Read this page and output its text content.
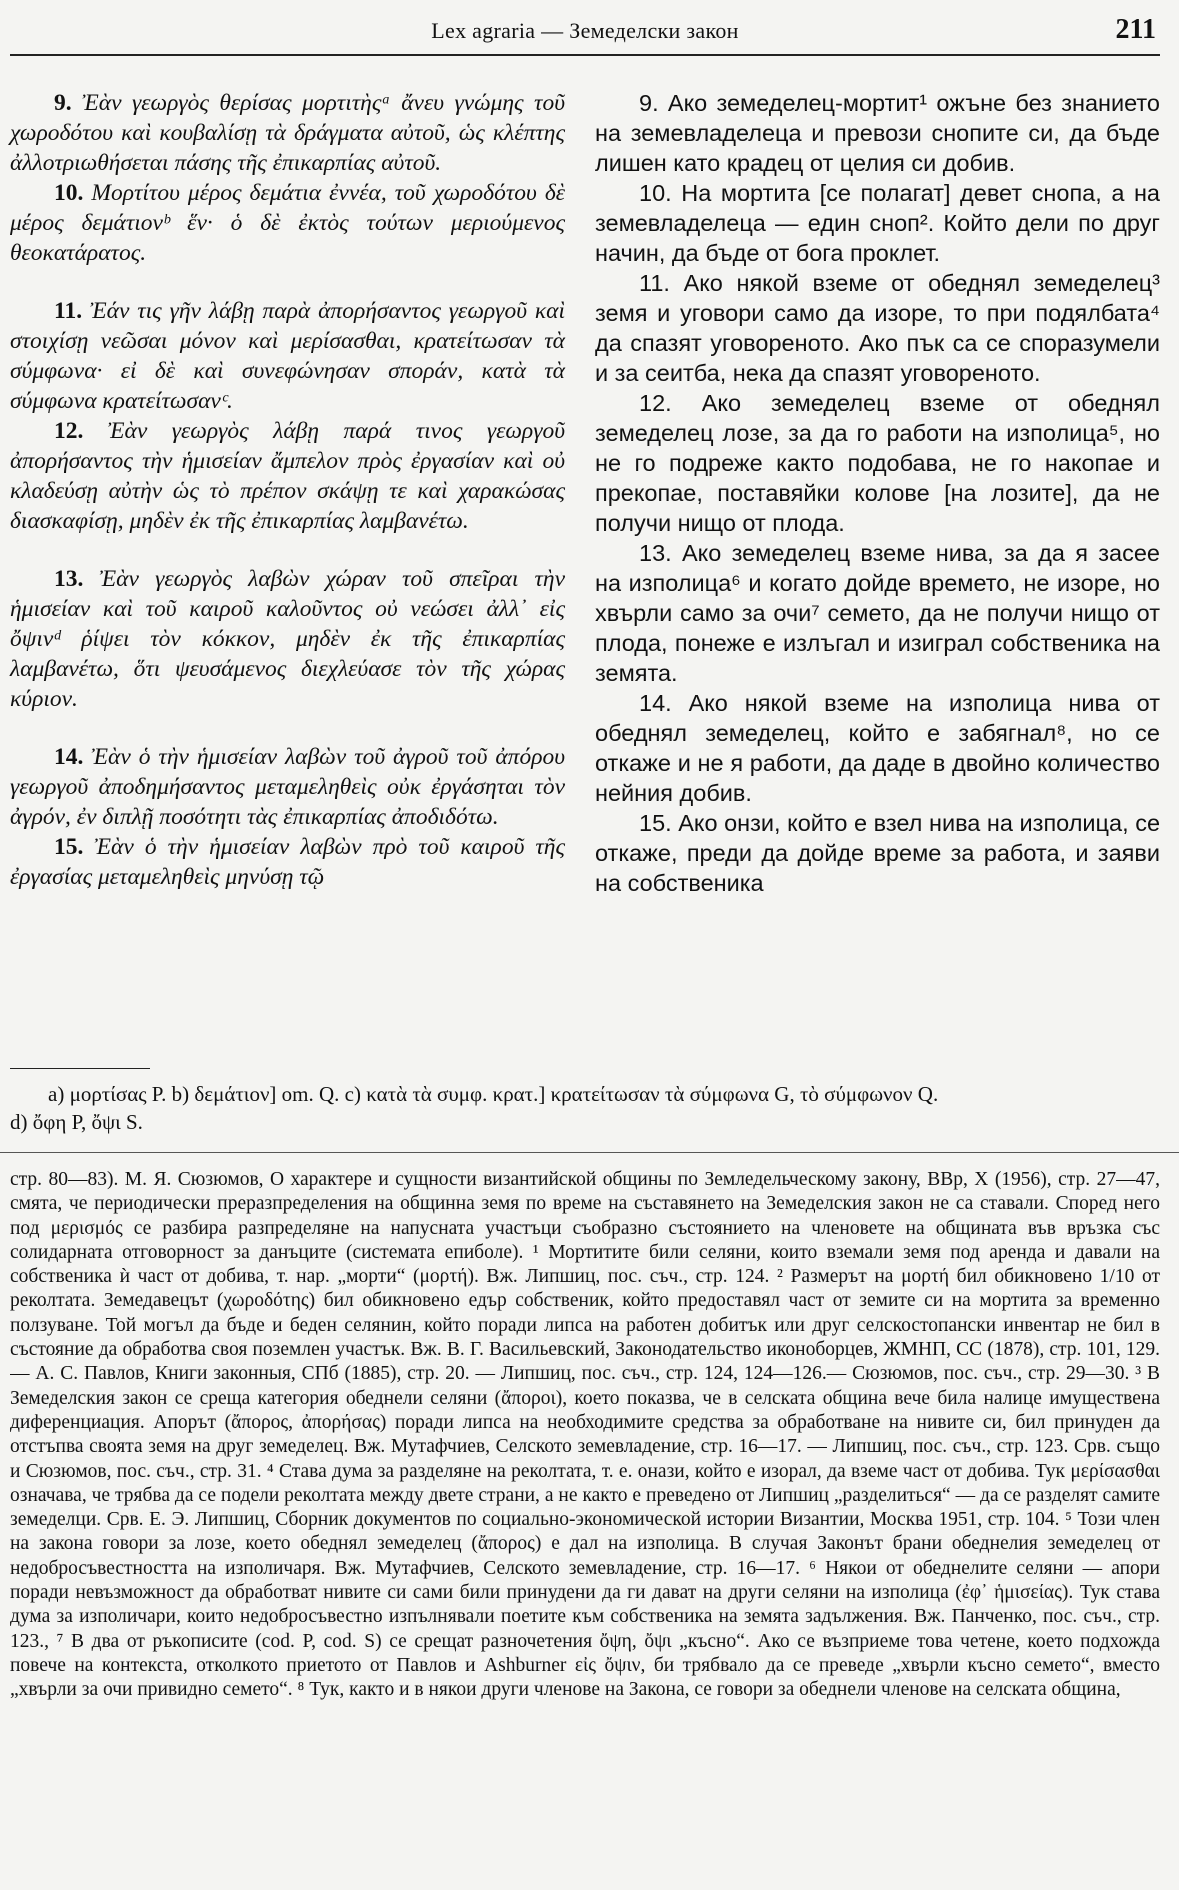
Lex agraria — Земеделски закон	211

9. Ἐὰν γεωργὸς θερίσας μορτιτὴςᵃ ἄνευ γνώμης τοῦ χωροδότου καὶ κουβαλίσῃ τὰ δράγματα αὐτοῦ, ὡς κλέπτης ἀλλοτριωθήσεται πάσης τῆς ἐπικαρπίας αὐτοῦ.

10. Μορτίτου μέρος δεμάτια ἐννέα, τοῦ χωροδότου δὲ μέρος δεμάτιονᵇ ἕν· ὁ δὲ ἐκτὸς τούτων μεριούμενος θεοκατάρατος.

11. Ἐάν τις γῆν λάβῃ παρὰ ἀπορήσαντος γεωργοῦ καὶ στοιχίσῃ νεῶσαι μόνον καὶ μερίσασθαι, κρατείτωσαν τὰ σύμφωνα· εἰ δὲ καὶ συνεφώνησαν σποράν, κατὰ τὰ σύμφωνα κρατείτωσανᶜ.

12. Ἐὰν γεωργὸς λάβῃ παρά τινος γεωργοῦ ἀπορήσαντος τὴν ἡμισείαν ἄμπελον πρὸς ἐργασίαν καὶ οὐ κλαδεύσῃ αὐτὴν ὡς τὸ πρέπον σκάψῃ τε καὶ χαρακώσας διασκαφίσῃ, μηδὲν ἐκ τῆς ἐπικαρπίας λαμβανέτω.

13. Ἐὰν γεωργὸς λαβὼν χώραν τοῦ σπεῖραι τὴν ἡμισείαν καὶ τοῦ καιροῦ καλοῦντος οὐ νεώσει ἀλλ᾿ εἰς ὄψινᵈ ῥίψει τὸν κόκκον, μηδὲν ἐκ τῆς ἐπικαρπίας λαμβανέτω, ὅτι ψευσάμενος διεχλεύασε τὸν τῆς χώρας κύριον.

14. Ἐὰν ὁ τὴν ἡμισείαν λαβὼν τοῦ ἀγροῦ τοῦ ἀπόρου γεωργοῦ ἀποδημήσαντος μεταμεληθεὶς οὐκ ἐργάσηται τὸν ἀγρόν, ἐν διπλῇ ποσότητι τὰς ἐπικαρπίας ἀποδιδότω.

15. Ἐὰν ὁ τὴν ἡμισείαν λαβὼν πρὸ τοῦ καιροῦ τῆς ἐργασίας μεταμεληθεὶς μηνύσῃ τῷ

9. Ако земеделец-мортит¹ ожъне без знанието на земевладелеца и превози снопите си, да бъде лишен като крадец от целия си добив.

10. На мортита [се полагат] девет снопа, а на земевладелеца — един сноп². Който дели по друг начин, да бъде от бога проклет.

11. Ако някой вземе от обеднял земеделец³ земя и уговори само да изоре, то при подялбата⁴ да спазят уговореното. Ако пък са се споразумели и за сеитба, нека да спазят уговореното.

12. Ако земеделец вземе от обеднял земеделец лозе, за да го работи на изполица⁵, но не го подреже както подобава, не го накопае и прекопае, поставяйки колове [на лозите], да не получи нищо от плода.

13. Ако земеделец вземе нива, за да я засее на изполица⁶ и когато дойде времето, не изоре, но хвърли само за очи⁷ семето, да не получи нищо от плода, понеже е излъгал и изиграл собственика на земята.

14. Ако някой вземе на изполица нива от обеднял земеделец, който е забягнал⁸, но се откаже и не я работи, да даде в двойно количество нейния добив.

15. Ако онзи, който е взел нива на изполица, се откаже, преди да дойде време за работа, и заяви на собственика

a) μορτίσας P. b) δεμάτιον] om. Q. c) κατὰ τὰ συμφ. κρατ.] κρατείτωσαν τὰ σύμφωνα G, τὸ σύμφωνον Q.

d) ὄφη P, ὄψι S.

стр. 80—83). М. Я. Сюзюмов, О характере и сущности византийской общины по Земледельческому закону, ВВр, X (1956), стр. 27—47, смята, че периодически преразпределения на общинна земя по време на съставянето на Земеделския закон не са ставали. Според него под μερισμός се разбира разпределяне на напусната участъци съобразно състоянието на членовете на общината във връзка със солидарната отговорност за данъците (системата епиболе). ¹ Мортитите били селяни, които вземали земя под аренда и давали на собственика ѝ част от добива, т. нар. „морти“ (μορτή). Вж. Липшиц, пос. съч., стр. 124. ² Размерът на μορτή бил обикновено 1/10 от реколтата. Земедавецът (χωροδότης) бил обикновено едър собственик, който предоставял част от земите си на мортита за временно ползуване. Той могъл да бъде и беден селянин, който поради липса на работен добитък или друг селскостопански инвентар не бил в състояние да обработва своя поземлен участък. Вж. В. Г. Васильевский, Законодательство иконоборцев, ЖМНП, СС (1878), стр. 101, 129. — А. С. Павлов, Книги законныя, СПб (1885), стр. 20. — Липшиц, пос. съч., стр. 124, 124—126.— Сюзюмов, пос. съч., стр. 29—30. ³ В Земеделския закон се среща категория обеднели селяни (ἄποροι), което показва, че в селската община вече била налице имуществена диференциация. Апорът (ἄπορος, ἀπορήσας) поради липса на необходимите средства за обработване на нивите си, бил принуден да отстъпва своята земя на друг земеделец. Вж. Мутафчиев, Селското земевладение, стр. 16—17. — Липшиц, пос. съч., стр. 123. Срв. също и Сюзюмов, пос. съч., стр. 31. ⁴ Става дума за разделяне на реколтата, т. е. онази, който е изорал, да вземе част от добива. Тук μερίσασθαι означава, че трябва да се подели реколтата между двете страни, а не както е преведено от Липшиц „разделиться“ — да се разделят самите земеделци. Срв. Е. Э. Липшиц, Сборник документов по социально-экономической истории Византии, Москва 1951, стр. 104. ⁵ Този член на закона говори за лозе, което обеднял земеделец (ἄπορος) е дал на изполица. В случая Законът брани обеднелия земеделец от недобросъвестността на изполичаря. Вж. Мутафчиев, Селското земевладение, стр. 16—17. ⁶ Някои от обеднелите селяни — апори поради невъзможност да обработват нивите си сами били принудени да ги дават на други селяни на изполица (ἐφ᾿ ἡμισείας). Тук става дума за изполичари, които недобросъвестно изпълнявали поетите към собственика на земята задължения. Вж. Панченко, пос. съч., стр. 123., ⁷ В два от ръкописите (cod. P, cod. S) се срещат разночетения ὄψη, ὄψι „късно“. Ако се възприеме това четене, което подхожда повече на контекста, отколкото приетото от Павлов и Ashburner εἰς ὄψιν, би трябвало да се преведе „хвърли късно семето“, вместо „хвърли за очи привидно семето“. ⁸ Тук, както и в някои други членове на Закона, се говори за обеднели членове на селската община,
